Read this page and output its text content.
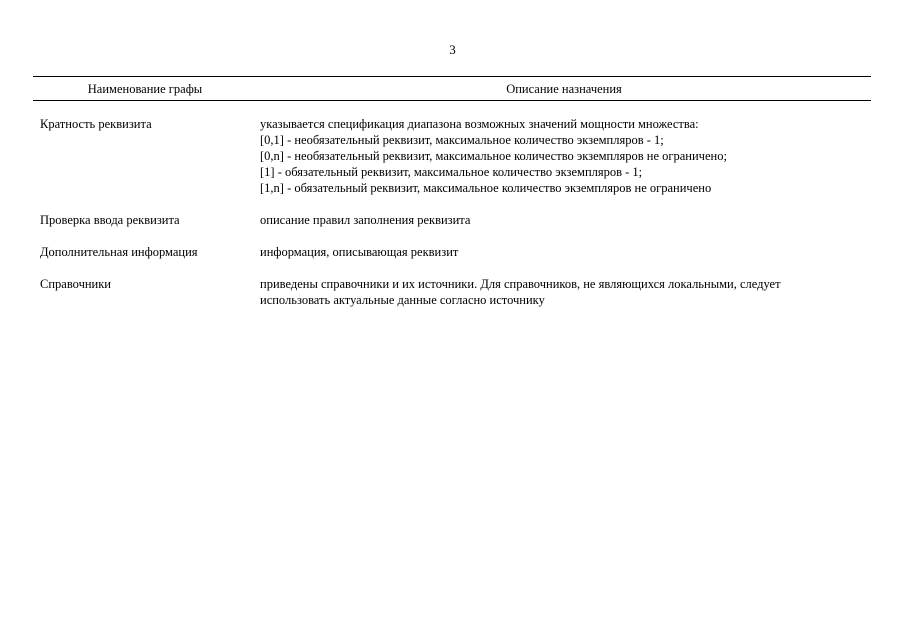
3
Наименование графы	Описание назначения
Кратность реквизита	указывается спецификация диапазона возможных значений мощности множества:
[0,1] - необязательный реквизит, максимальное количество экземпляров - 1;
[0,n] - необязательный реквизит, максимальное количество экземпляров не ограничено;
[1] - обязательный реквизит, максимальное количество экземпляров - 1;
[1,n] - обязательный реквизит, максимальное количество экземпляров не ограничено
Проверка ввода реквизита	описание правил заполнения реквизита
Дополнительная информация	информация, описывающая реквизит
Справочники	приведены справочники и их источники. Для справочников, не являющихся локальными, следует
использовать актуальные данные согласно источнику
